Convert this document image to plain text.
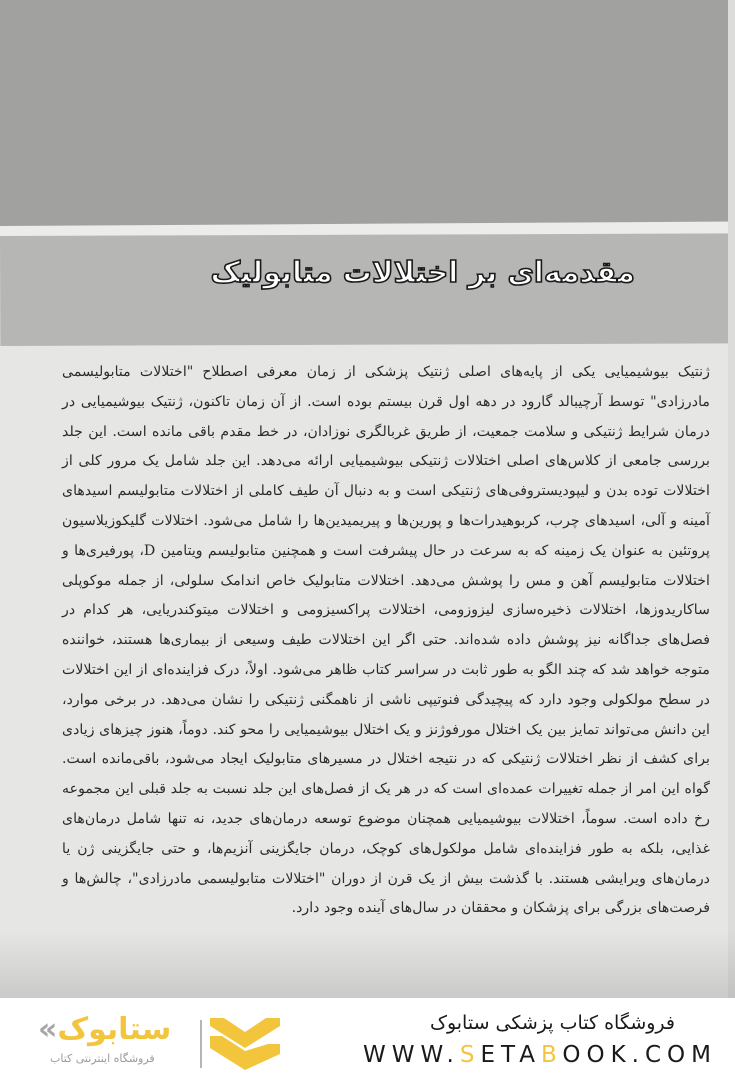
مقدمه‌ای بر اختلالات متابولیک

ژنتیک بیوشیمیایی یکی از پایه‌های اصلی ژنتیک پزشکی از زمان معرفی اصطلاح "اختلالات متابولیسمی مادرزادی" توسط آرچیبالد گارود در دهه اول قرن بیستم بوده است. از آن زمان تاکنون، ژنتیک بیوشیمیایی در درمان شرایط ژنتیکی و سلامت جمعیت، از طریق غربالگری نوزادان، در خط مقدم باقی مانده است. این جلد بررسی جامعی از کلاس‌های اصلی اختلالات ژنتیکی بیوشیمیایی ارائه می‌دهد. این جلد شامل یک مرور کلی از اختلالات توده بدن و لیپودیستروفی‌های ژنتیکی است و به دنبال آن طیف کاملی از اختلالات متابولیسم اسیدهای آمینه و آلی، اسیدهای چرب، کربوهیدرات‌ها و پورین‌ها و پیریمیدین‌ها را شامل می‌شود. اختلالات گلیکوزیلاسیون پروتئین به عنوان یک زمینه که به سرعت در حال پیشرفت است و همچنین متابولیسم ویتامین D، پورفیری‌ها و اختلالات متابولیسم آهن و مس را پوشش می‌دهد. اختلالات متابولیک خاص اندامک سلولی، از جمله موکوپلی ساکاریدوزها، اختلالات ذخیره‌سازی لیزوزومی، اختلالات پراکسیزومی و اختلالات میتوکندریایی، هر کدام در فصل‌های جداگانه نیز پوشش داده شده‌اند. حتی اگر این اختلالات طیف وسیعی از بیماری‌ها هستند، خواننده متوجه خواهد شد که چند الگو به طور ثابت در سراسر کتاب ظاهر می‌شود. اولاً، درک فزاینده‌ای از این اختلالات در سطح مولکولی وجود دارد که پیچیدگی فنوتیپی ناشی از ناهمگنی ژنتیکی را نشان می‌دهد. در برخی موارد، این دانش می‌تواند تمایز بین یک اختلال مورفوژنز و یک اختلال بیوشیمیایی را محو کند. دوماً، هنوز چیزهای زیادی برای کشف از نظر اختلالات ژنتیکی که در نتیجه اختلال در مسیرهای متابولیک ایجاد می‌شود، باقی‌مانده است. گواه این امر از جمله تغییرات عمده‌ای است که در هر یک از فصل‌های این جلد نسبت به جلد قبلی این مجموعه رخ داده است. سوماً، اختلالات بیوشیمیایی همچنان موضوع توسعه درمان‌های جدید، نه تنها شامل درمان‌های غذایی، بلکه به طور فزاینده‌ای شامل مولکول‌های کوچک، درمان جایگزینی آنزیم‌ها، و حتی جایگزینی ژن یا درمان‌های ویرایشی هستند. با گذشت بیش از یک قرن از دوران "اختلالات متابولیسمی مادرزادی"، چالش‌ها و فرصت‌های بزرگی برای پزشکان و محققان در سال‌های آینده وجود دارد.

«ستابوک
فروشگاه اینترنتی کتاب
فروشگاه کتاب پزشکی ستابوک
WWW.SETABOOK.COM
